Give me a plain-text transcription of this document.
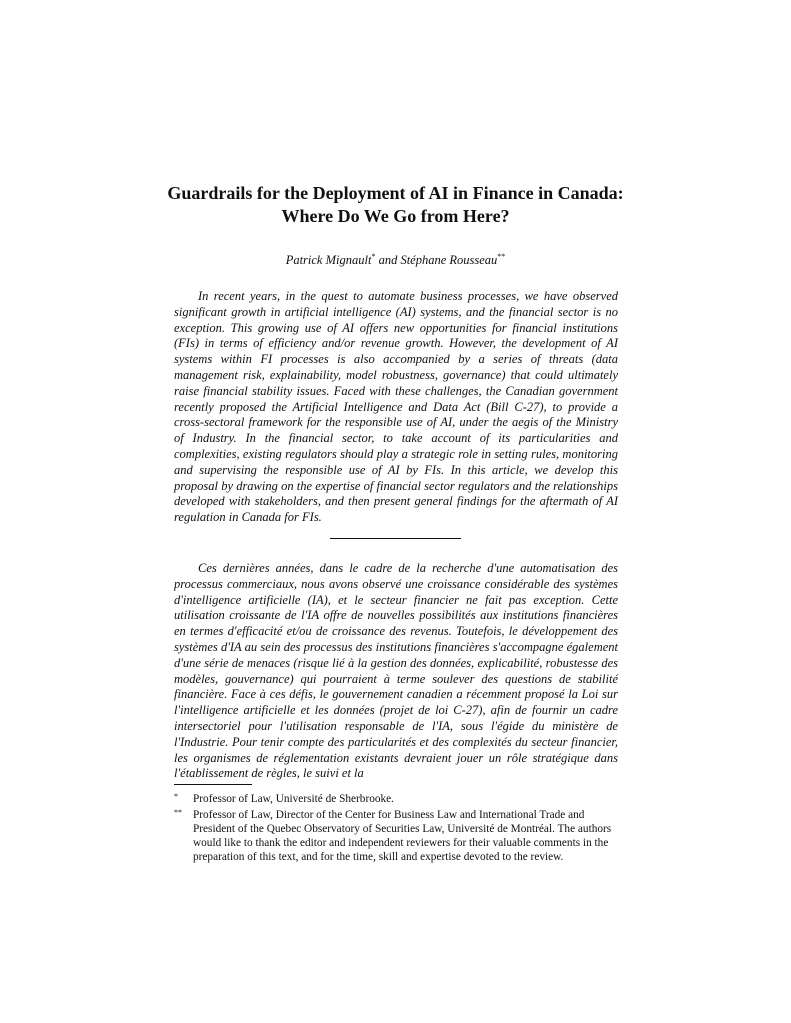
Guardrails for the Deployment of AI in Finance in Canada: Where Do We Go from Here?
Patrick Mignault* and Stéphane Rousseau**

In recent years, in the quest to automate business processes, we have observed significant growth in artificial intelligence (AI) systems, and the financial sector is no exception. This growing use of AI offers new opportunities for financial institutions (FIs) in terms of efficiency and/or revenue growth. However, the development of AI systems within FI processes is also accompanied by a series of threats (data management risk, explainability, model robustness, governance) that could ultimately raise financial stability issues. Faced with these challenges, the Canadian government recently proposed the Artificial Intelligence and Data Act (Bill C-27), to provide a cross-sectoral framework for the responsible use of AI, under the aegis of the Ministry of Industry. In the financial sector, to take account of its particularities and complexities, existing regulators should play a strategic role in setting rules, monitoring and supervising the responsible use of AI by FIs. In this article, we develop this proposal by drawing on the expertise of financial sector regulators and the relationships developed with stakeholders, and then present general findings for the aftermath of AI regulation in Canada for FIs.

Ces dernières années, dans le cadre de la recherche d'une automatisation des processus commerciaux, nous avons observé une croissance considérable des systèmes d'intelligence artificielle (IA), et le secteur financier ne fait pas exception. Cette utilisation croissante de l'IA offre de nouvelles possibilités aux institutions financières en termes d'efficacité et/ou de croissance des revenus. Toutefois, le développement des systèmes d'IA au sein des processus des institutions financières s'accompagne également d'une série de menaces (risque lié à la gestion des données, explicabilité, robustesse des modèles, gouvernance) qui pourraient à terme soulever des questions de stabilité financière. Face à ces défis, le gouvernement canadien a récemment proposé la Loi sur l'intelligence artificielle et les données (projet de loi C-27), afin de fournir un cadre intersectoriel pour l'utilisation responsable de l'IA, sous l'égide du ministère de l'Industrie. Pour tenir compte des particularités et des complexités du secteur financier, les organismes de réglementation existants devraient jouer un rôle stratégique dans l'établissement de règles, le suivi et la

* Professor of Law, Université de Sherbrooke.
** Professor of Law, Director of the Center for Business Law and International Trade and President of the Quebec Observatory of Securities Law, Université de Montréal. The authors would like to thank the editor and independent reviewers for their valuable comments in the preparation of this text, and for the time, skill and expertise devoted to the review.
